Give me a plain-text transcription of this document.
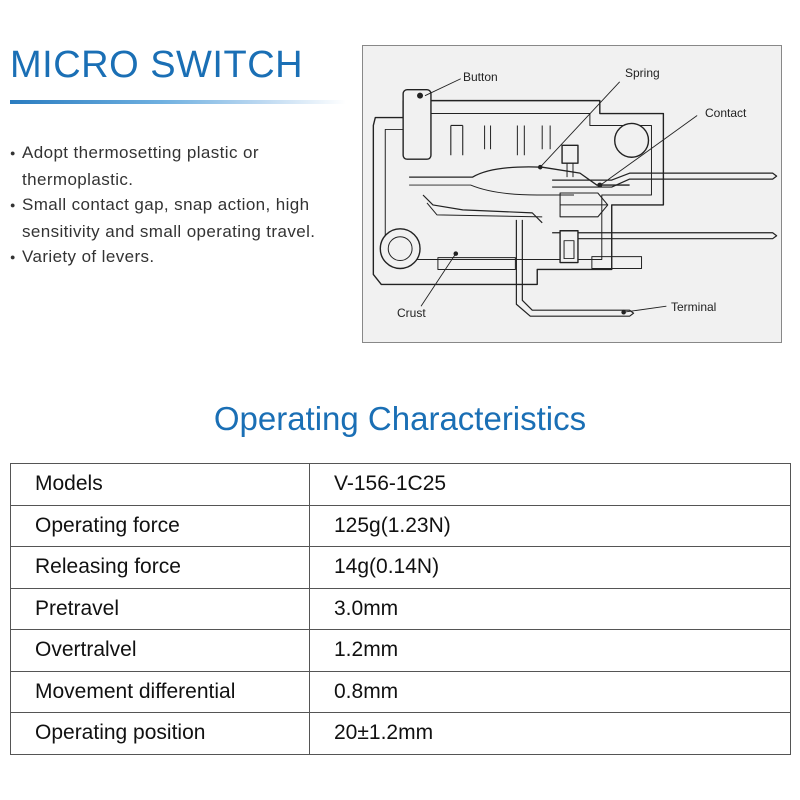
MICRO SWITCH
● Adopt thermosetting plastic or thermoplastic.
● Small contact gap, snap action, high sensitivity and small operating travel.
● Variety of levers.
Button	Spring
Contact
Crust	Terminal
Operating Characteristics
Models	V-156-1C25
Operating force	125g(1.23N)
Releasing force	14g(0.14N)
Pretravel	3.0mm
Overtralvel	1.2mm
Movement differential	0.8mm
Operating position	20±1.2mm
